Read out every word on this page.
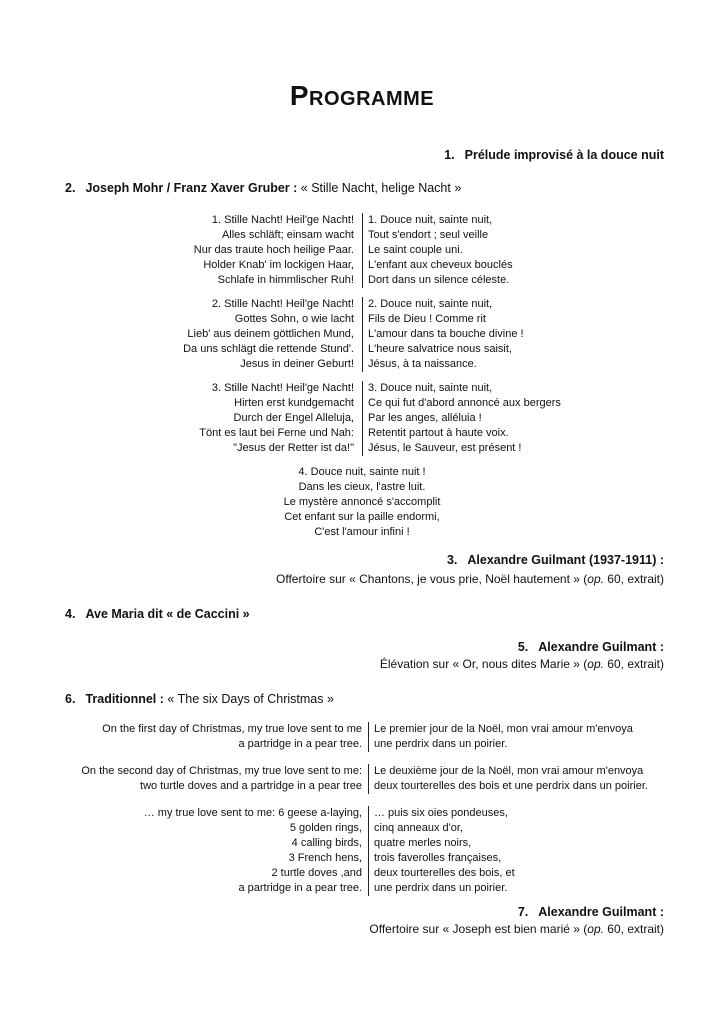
Programme
1. Prélude improvisé à la douce nuit
2. Joseph Mohr / Franz Xaver Gruber : « Stille Nacht, helige Nacht »
1. Stille Nacht! Heil'ge Nacht!
Alles schläft; einsam wacht
Nur das traute hoch heilige Paar.
Holder Knab' im lockigen Haar,
Schlafe in himmlischer Ruh!
1. Douce nuit, sainte nuit,
Tout s'endort ; seul veille
Le saint couple uni.
L'enfant aux cheveux bouclés
Dort dans un silence céleste.
2. Stille Nacht! Heil'ge Nacht!
Gottes Sohn, o wie lacht
Lieb' aus deinem göttlichen Mund,
Da uns schlägt die rettende Stund'.
Jesus in deiner Geburt!
2. Douce nuit, sainte nuit,
Fils de Dieu ! Comme rit
L'amour dans ta bouche divine !
L'heure salvatrice nous saisit,
Jésus, à ta naissance.
3. Stille Nacht! Heil'ge Nacht!
Hirten erst kundgemacht
Durch der Engel Alleluja,
Tönt es laut bei Ferne und Nah:
"Jesus der Retter ist da!"
3. Douce nuit, sainte nuit,
Ce qui fut d'abord annoncé aux bergers
Par les anges, alléluia !
Retentit partout à haute voix.
Jésus, le Sauveur, est présent !
4. Douce nuit, sainte nuit !
Dans les cieux, l'astre luit.
Le mystère annoncé s'accomplit
Cet enfant sur la paille endormi,
C'est l'amour infini !
3. Alexandre Guilmant (1937-1911) :
Offertoire sur « Chantons, je vous prie, Noël hautement » (op. 60, extrait)
4. Ave Maria dit « de Caccini »
5. Alexandre Guilmant :
Élévation sur « Or, nous dites Marie » (op. 60, extrait)
6. Traditionnel : « The six Days of Christmas »
On the first day of Christmas, my true love sent to me
a partridge in a pear tree.
Le premier jour de la Noël, mon vrai amour m'envoya
une perdrix dans un poirier.
On the second day of Christmas, my true love sent to me:
two turtle doves and a partridge in a pear tree
Le deuxième jour de la Noël, mon vrai amour m'envoya
deux tourterelles des bois et une perdrix dans un poirier.
… my true love sent to me: 6 geese a-laying,
5 golden rings,
4 calling birds,
3 French hens,
2 turtle doves ,and
a partridge in a pear tree.
… puis six oies pondeuses,
cinq anneaux d'or,
quatre merles noirs,
trois faverolles françaises,
deux tourterelles des bois, et
une perdrix dans un poirier.
7. Alexandre Guilmant :
Offertoire sur « Joseph est bien marié » (op. 60, extrait)
